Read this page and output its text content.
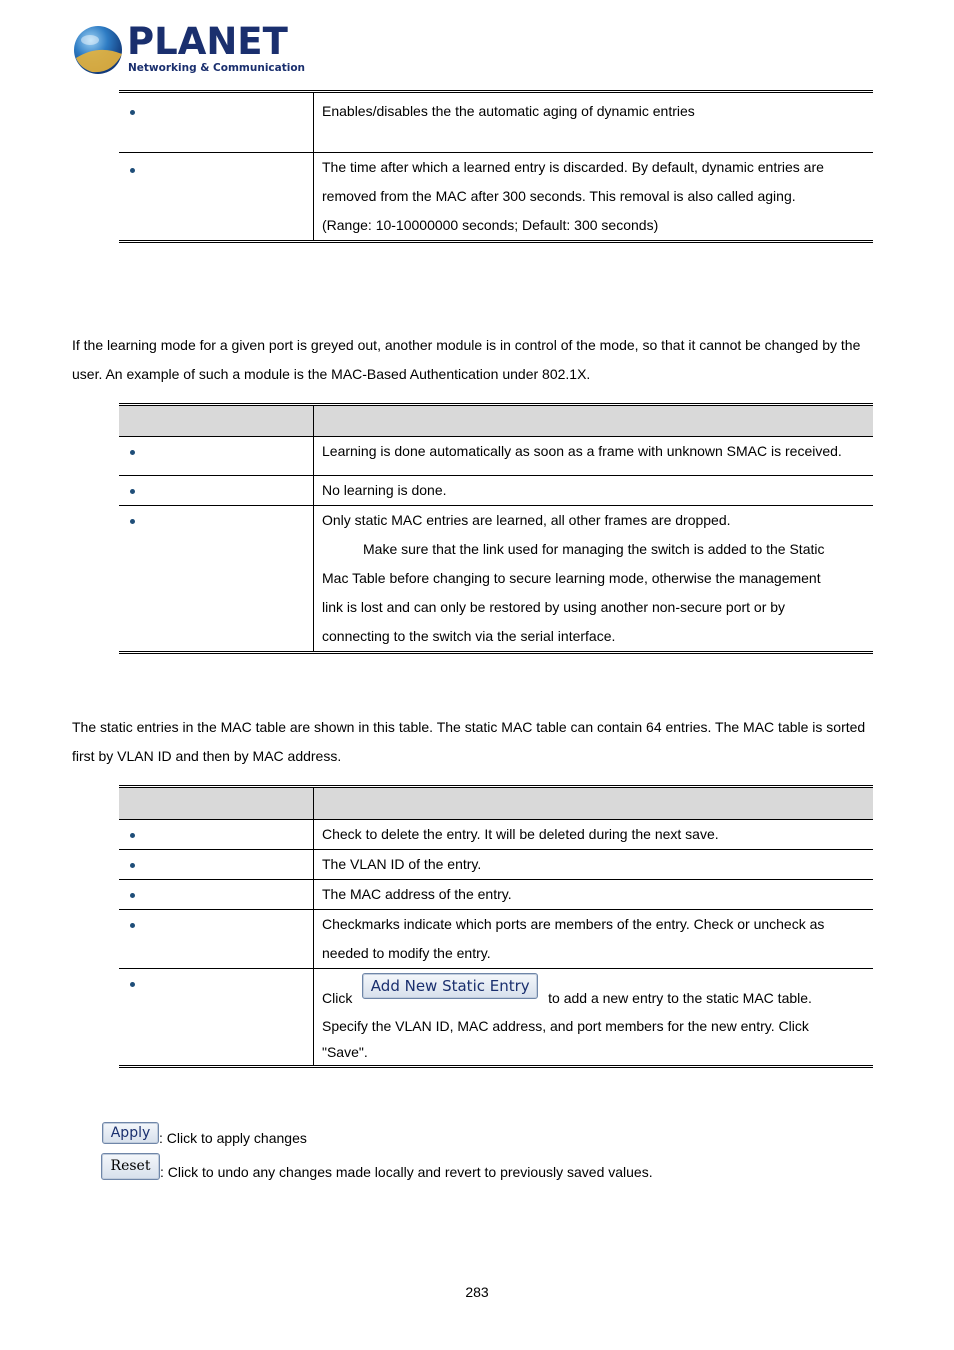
PLANET
Networking & Communication

	Enables/disables the the automatic aging of dynamic entries

	The time after which a learned entry is discarded. By default, dynamic entries are
removed from the MAC after 300 seconds. This removal is also called aging.
(Range: 10-10000000 seconds; Default: 300 seconds)
If the learning mode for a given port is greyed out, another module is in control of the mode, so that it cannot be changed by the
user. An example of such a module is the MAC-Based Authentication under 802.1X.

	Learning is done automatically as soon as a frame with unknown SMAC is received.

	No learning is done.

	Only static MAC entries are learned, all other frames are dropped.
Make sure that the link used for managing the switch is added to the Static
Mac Table before changing to secure learning mode, otherwise the management
link is lost and can only be restored by using another non-secure port or by
connecting to the switch via the serial interface.
The static entries in the MAC table are shown in this table. The static MAC table can contain 64 entries. The MAC table is sorted
first by VLAN ID and then by MAC address.

	Check to delete the entry. It will be deleted during the next save.

	The VLAN ID of the entry.

	The MAC address of the entry.

	Checkmarks indicate which ports are members of the entry. Check or uncheck as
needed to modify the entry.

	Click Add New Static Entry to add a new entry to the static MAC table.
Specify the VLAN ID, MAC address, and port members for the new entry. Click
"Save".
Apply : Click to apply changes
Reset : Click to undo any changes made locally and revert to previously saved values.
283
